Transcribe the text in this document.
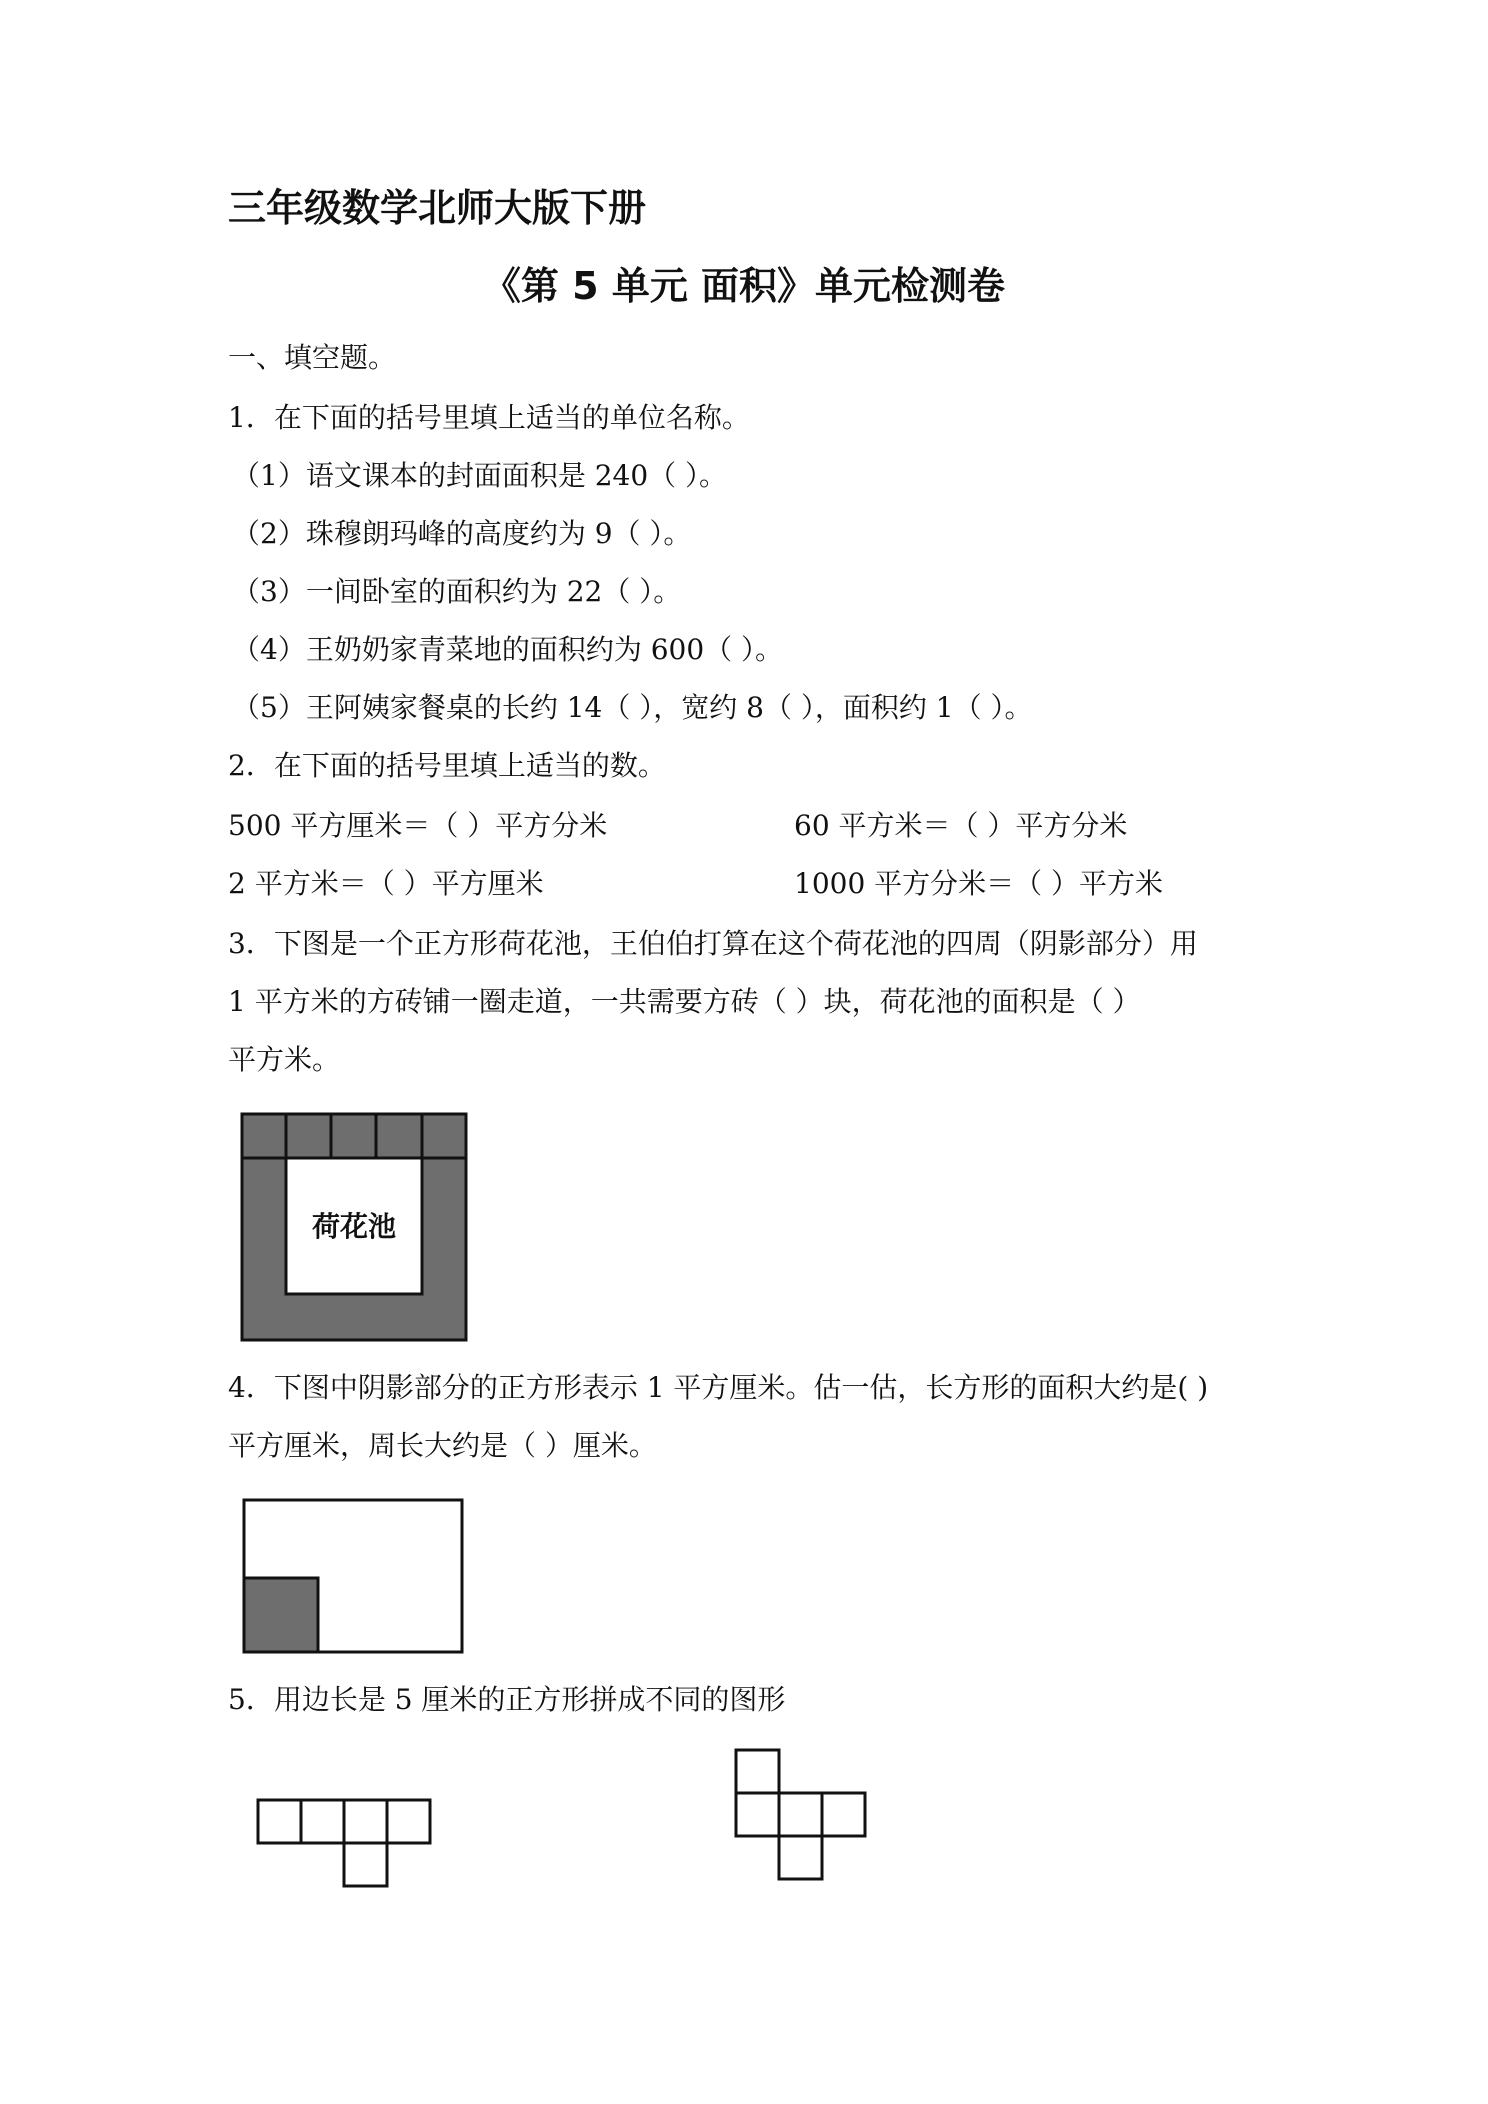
三年级数学北师大版下册
《第 5 单元 面积》单元检测卷
一、填空题。
1．在下面的括号里填上适当的单位名称。
（1）语文课本的封面面积是 240（ ）。
（2）珠穆朗玛峰的高度约为 9（ ）。
（3）一间卧室的面积约为 22（ ）。
（4）王奶奶家青菜地的面积约为 600（ ）。
（5）王阿姨家餐桌的长约 14（ ），宽约 8（ ），面积约 1（ ）。
2．在下面的括号里填上适当的数。
500 平方厘米＝（ ）平方分米	60 平方米＝（ ）平方分米
2 平方米＝（ ）平方厘米	1000 平方分米＝（ ）平方米
3．下图是一个正方形荷花池，王伯伯打算在这个荷花池的四周（阴影部分）用
1 平方米的方砖铺一圈走道，一共需要方砖（ ）块，荷花池的面积是（ ）
平方米。
荷花池
4．下图中阴影部分的正方形表示 1 平方厘米。估一估，长方形的面积大约是( )
平方厘米，周长大约是（ ）厘米。
5．用边长是 5 厘米的正方形拼成不同的图形
